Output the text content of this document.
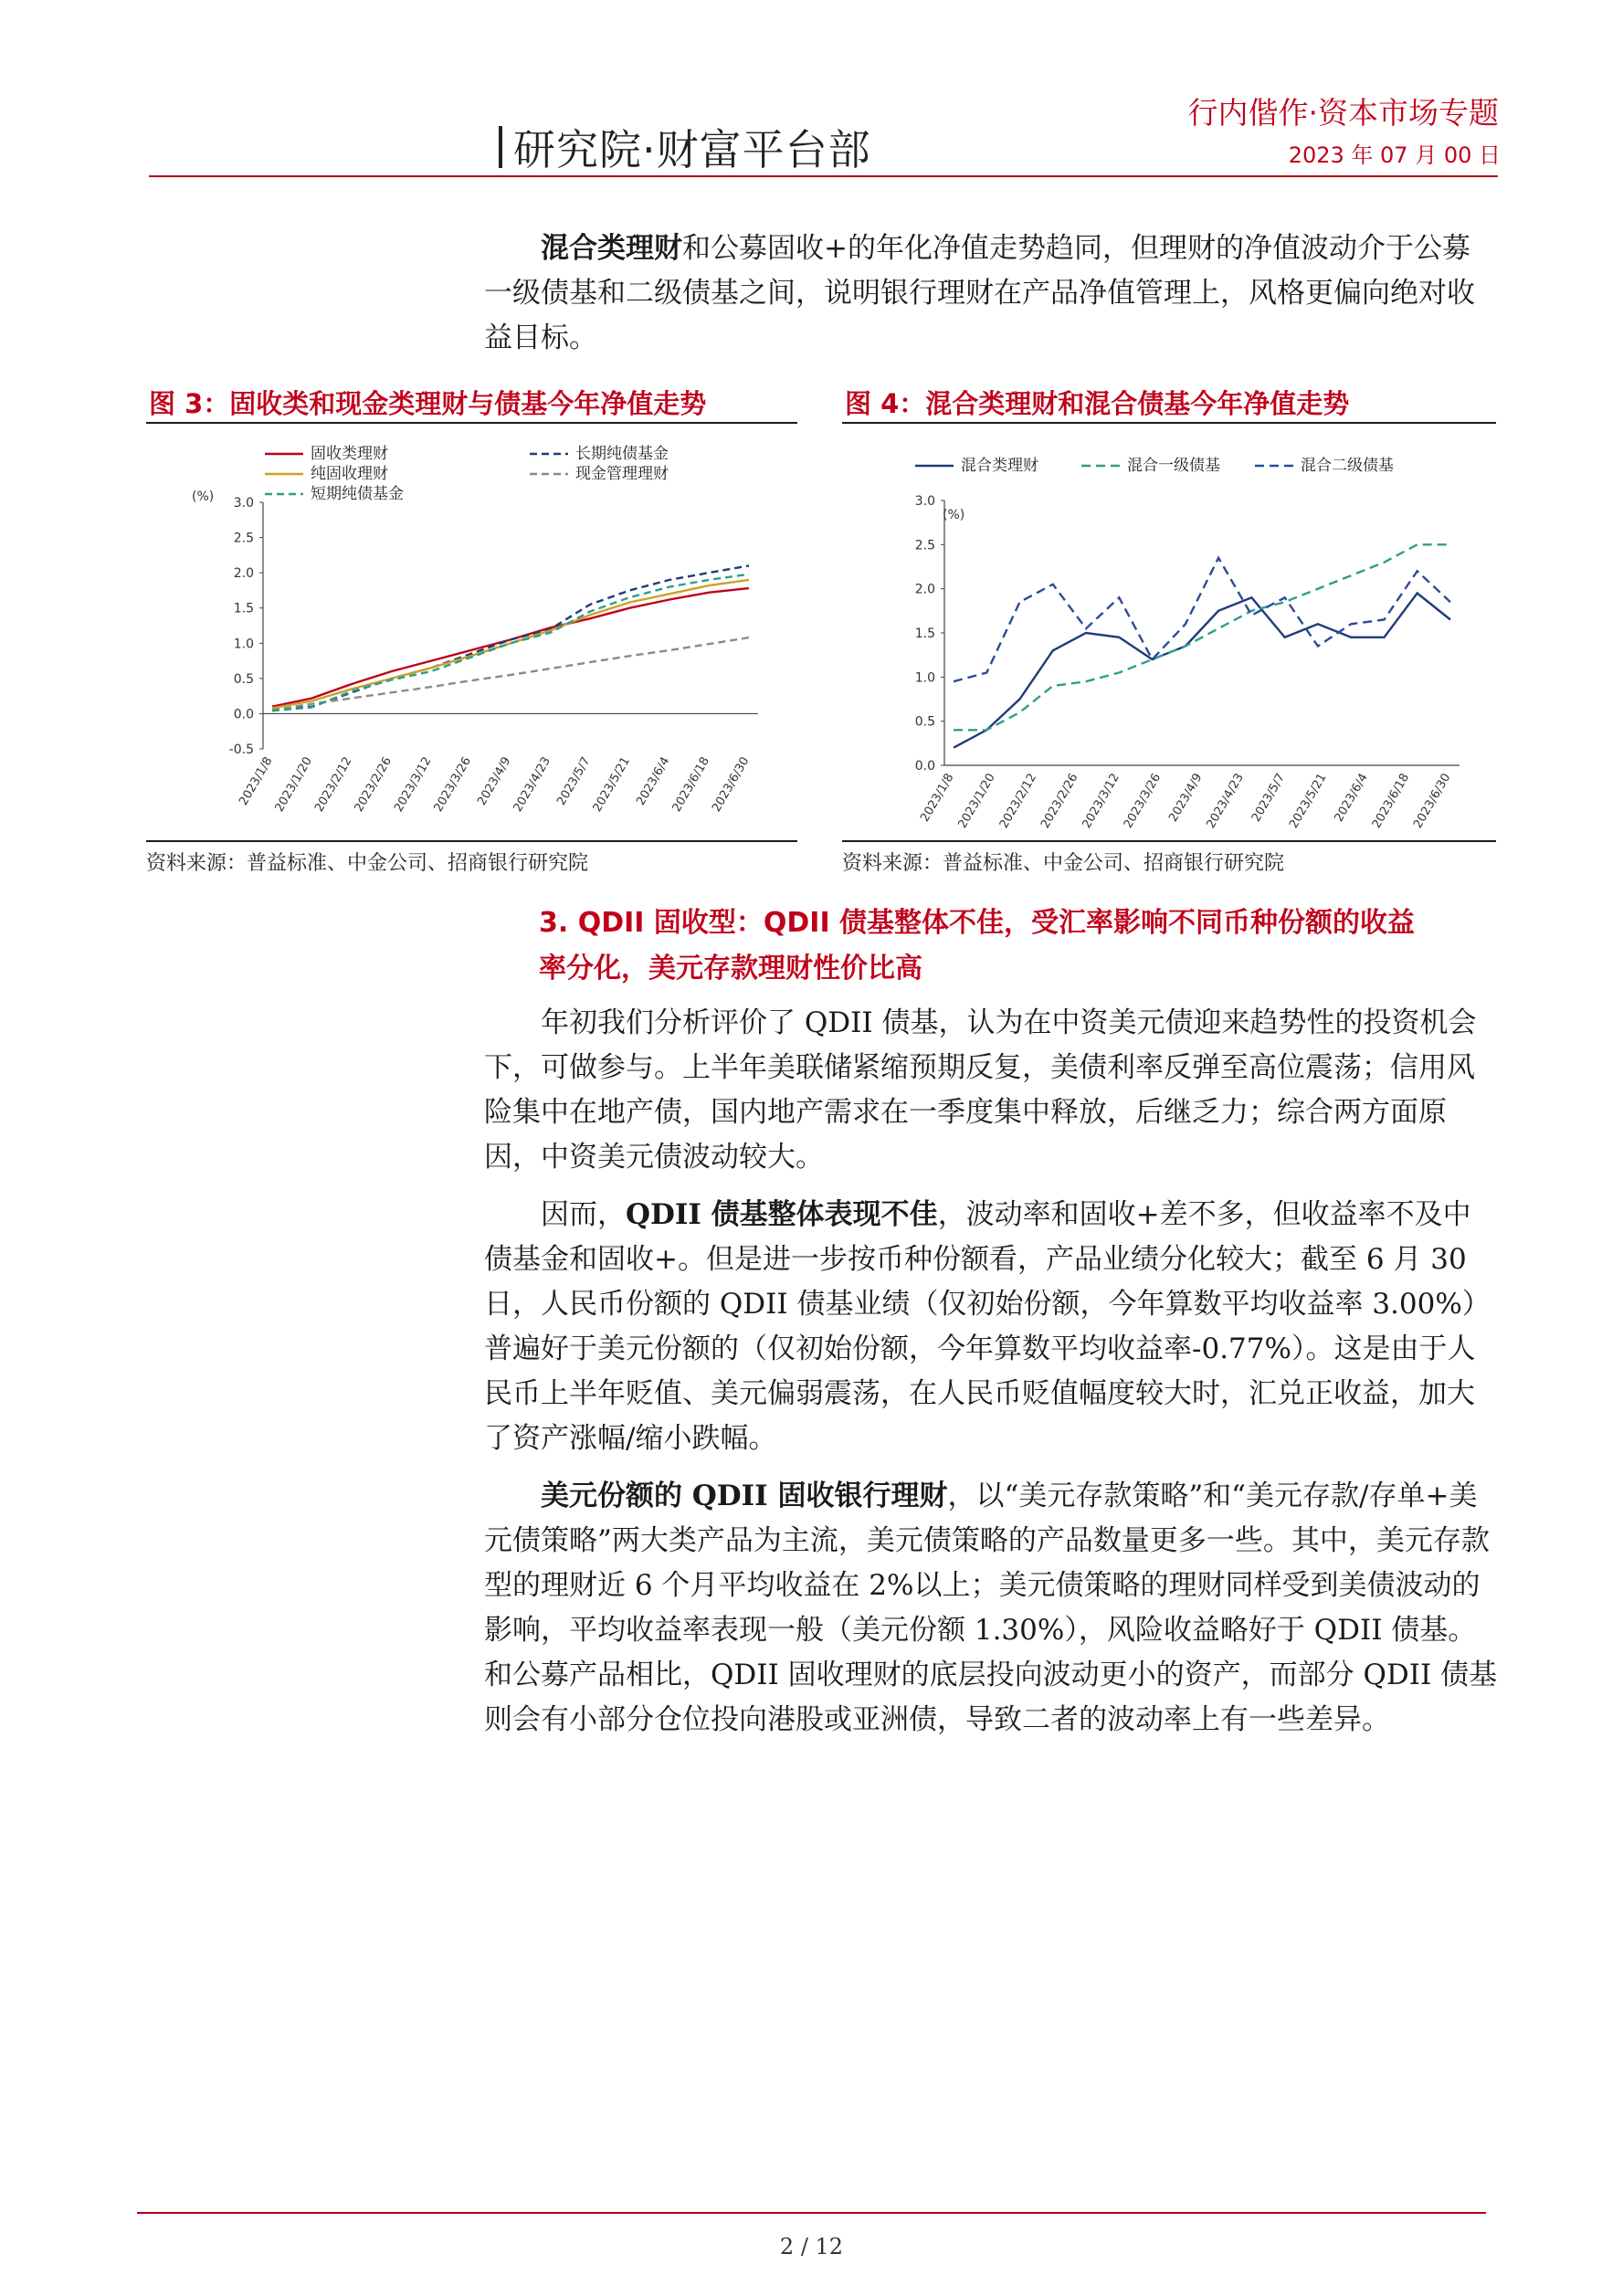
研究院·财富平台部
行内偕作·资本市场专题
2023 年 07 月 00 日

混合类理财和公募固收+的年化净值走势趋同，但理财的净值波动介于公募一级债基和二级债基之间，说明银行理财在产品净值管理上，风格更偏向绝对收益目标。

图 3：固收类和现金类理财与债基今年净值走势
(%) 3.0
2.5
2.0
1.5
1.0
0.5
0.0
-0.5
2023/1/8
2023/1/20
2023/2/12
2023/2/26
2023/3/12
2023/3/26 2023/4/9
2023/4/23 2023/5/7
2023/5/21 2023/6/4
2023/6/18
2023/6/30
固收类理财	长期纯债基金
纯固收理财	现金管理理财
短期纯债基金
资料来源：普益标准、中金公司、招商银行研究院
图 4：混合类理财和混合债基今年净值走势
(%)
3.0
2.5
2.0
1.5
1.0
0.5
0.0
2023/1/8 2023/1/20 2023/2/12 2023/2/26 2023/3/12 2023/3/26 2023/4/9 2023/4/23 2023/5/7 2023/5/21 2023/6/4 2023/6/18 2023/6/30
混合类理财	混合一级债基	混合二级债基
资料来源：普益标准、中金公司、招商银行研究院
3. QDII 固收型：QDII 债基整体不佳，受汇率影响不同币种份额的收益
率分化，美元存款理财性价比高

年初我们分析评价了 QDII 债基，认为在中资美元债迎来趋势性的投资机会下，可做参与。上半年美联储紧缩预期反复，美债利率反弹至高位震荡；信用风险集中在地产债，国内地产需求在一季度集中释放，后继乏力；综合两方面原因，中资美元债波动较大。

因而，QDII 债基整体表现不佳，波动率和固收+差不多，但收益率不及中债基金和固收+。但是进一步按币种份额看，产品业绩分化较大；截至 6 月 30 日，人民币份额的 QDII 债基业绩（仅初始份额，今年算数平均收益率 3.00%）普遍好于美元份额的（仅初始份额，今年算数平均收益率-0.77%）。这是由于人民币上半年贬值、美元偏弱震荡，在人民币贬值幅度较大时，汇兑正收益，加大了资产涨幅/缩小跌幅。

美元份额的 QDII 固收银行理财，以“美元存款策略”和“美元存款/存单+美元债策略”两大类产品为主流，美元债策略的产品数量更多一些。其中，美元存款型的理财近 6 个月平均收益在 2%以上；美元债策略的理财同样受到美债波动的影响，平均收益率表现一般（美元份额 1.30%），风险收益略好于 QDII 债基。和公募产品相比，QDII 固收理财的底层投向波动更小的资产，而部分 QDII 债基则会有小部分仓位投向港股或亚洲债，导致二者的波动率上有一些差异。

2 / 12
